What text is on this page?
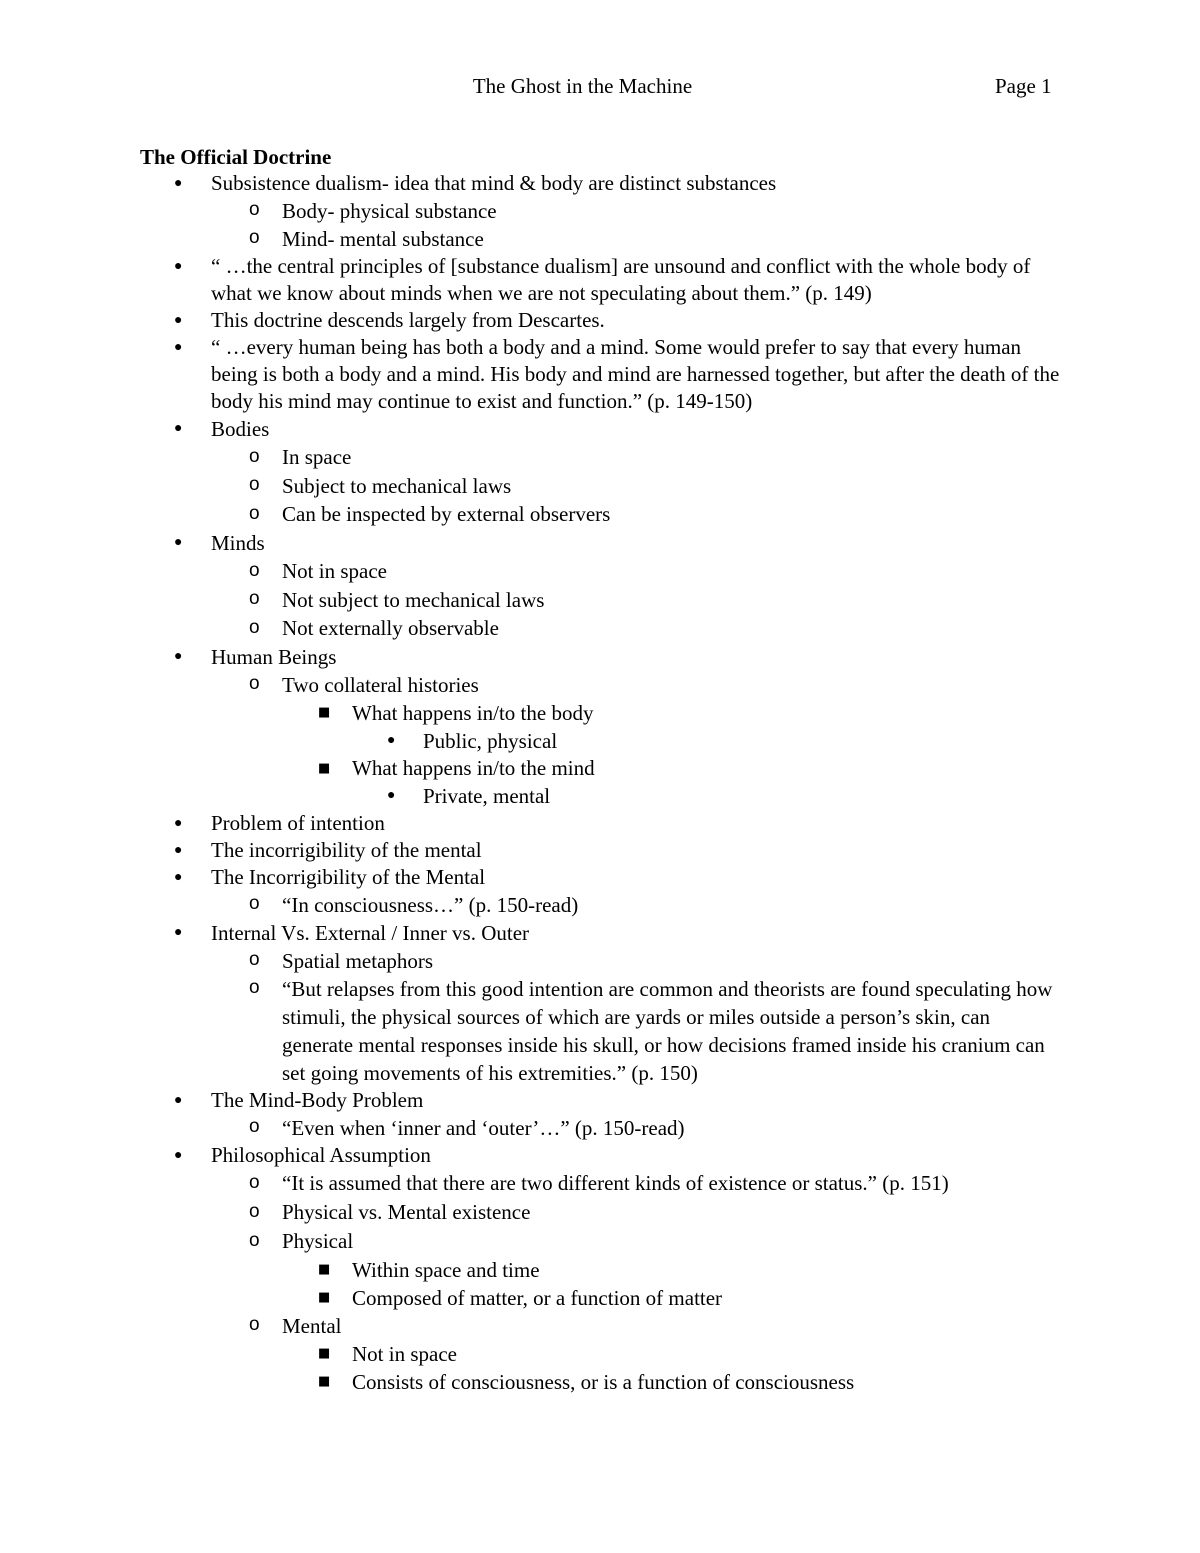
The Ghost in the Machine	Page 1
The Official Doctrine
● Subsistence dualism- idea that mind & body are distinct substances
o Body- physical substance
o Mind- mental substance
● “ …the central principles of [substance dualism] are unsound and conflict with the whole body of what we know about minds when we are not speculating about them.” (p. 149)
● This doctrine descends largely from Descartes.
● “ …every human being has both a body and a mind. Some would prefer to say that every human being is both a body and a mind. His body and mind are harnessed together, but after the death of the body his mind may continue to exist and function.” (p. 149-150)
● Bodies
o In space
o Subject to mechanical laws
o Can be inspected by external observers
● Minds
o Not in space
o Not subject to mechanical laws
o Not externally observable
● Human Beings
o Two collateral histories
■ What happens in/to the body
● Public, physical
■ What happens in/to the mind
● Private, mental
● Problem of intention
● The incorrigibility of the mental
● The Incorrigibility of the Mental
o “In consciousness…” (p. 150-read)
● Internal Vs. External / Inner vs. Outer
o Spatial metaphors
o “But relapses from this good intention are common and theorists are found speculating how stimuli, the physical sources of which are yards or miles outside a person’s skin, can generate mental responses inside his skull, or how decisions framed inside his cranium can set going movements of his extremities.” (p. 150)
● The Mind-Body Problem
o “Even when ‘inner and ‘outer’…” (p. 150-read)
● Philosophical Assumption
o “It is assumed that there are two different kinds of existence or status.” (p. 151)
o Physical vs. Mental existence
o Physical
■ Within space and time
■ Composed of matter, or a function of matter
o Mental
■ Not in space
■ Consists of consciousness, or is a function of consciousness
